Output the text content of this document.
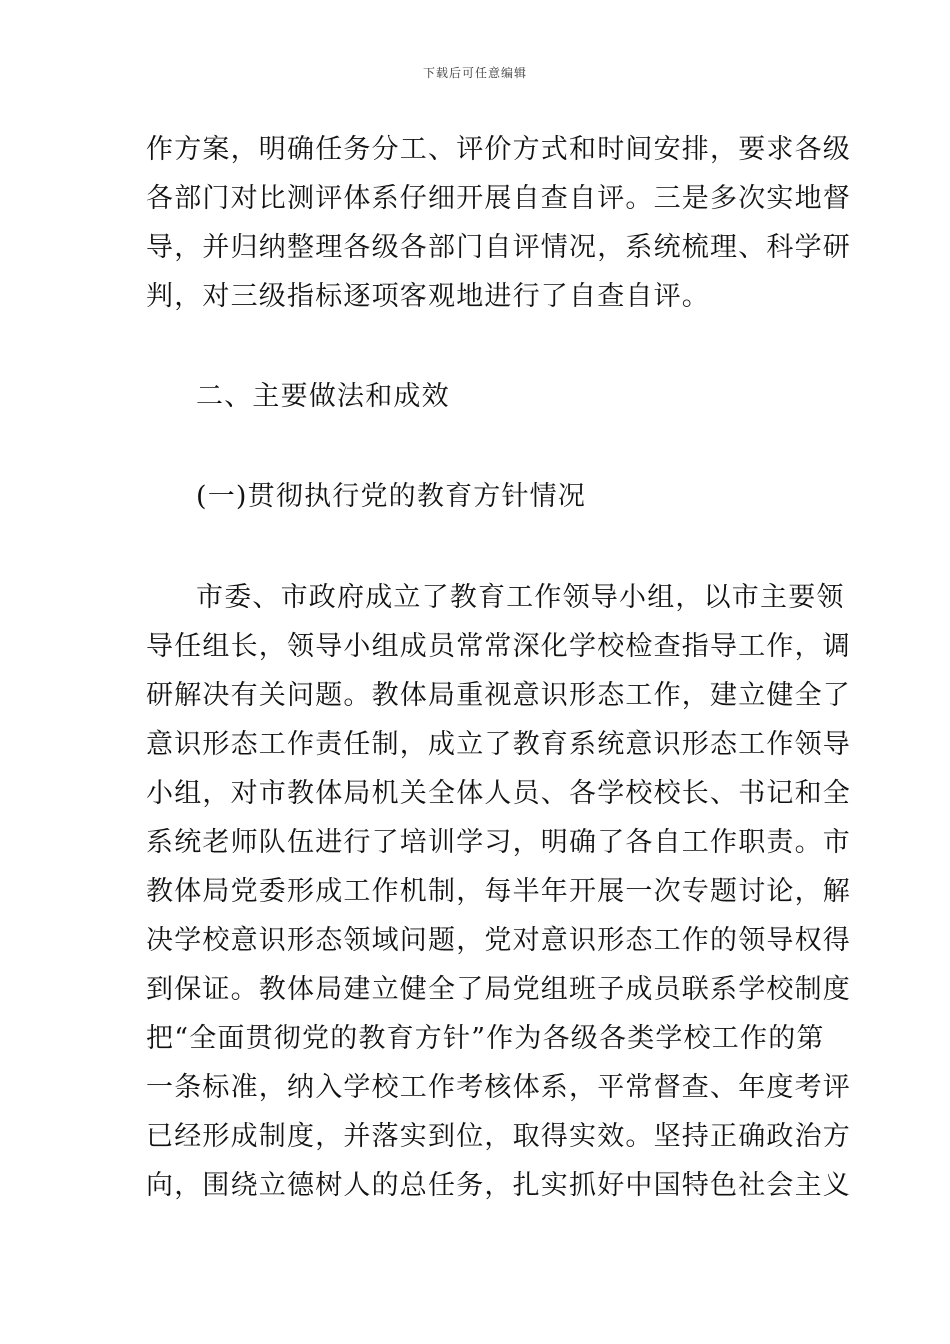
下载后可任意编辑
作方案，明确任务分工、评价方式和时间安排，要求各级
各部门对比测评体系仔细开展自查自评。三是多次实地督
导，并归纳整理各级各部门自评情况，系统梳理、科学研
判，对三级指标逐项客观地进行了自查自评。
二、主要做法和成效
(一)贯彻执行党的教育方针情况
市委、市政府成立了教育工作领导小组，以市主要领
导任组长，领导小组成员常常深化学校检查指导工作，调
研解决有关问题。教体局重视意识形态工作，建立健全了
意识形态工作责任制，成立了教育系统意识形态工作领导
小组，对市教体局机关全体人员、各学校校长、书记和全
系统老师队伍进行了培训学习，明确了各自工作职责。市
教体局党委形成工作机制，每半年开展一次专题讨论，解
决学校意识形态领域问题，党对意识形态工作的领导权得
到保证。教体局建立健全了局党组班子成员联系学校制度
把“全面贯彻党的教育方针”作为各级各类学校工作的第
一条标准，纳入学校工作考核体系，平常督查、年度考评
已经形成制度，并落实到位，取得实效。坚持正确政治方
向，围绕立德树人的总任务，扎实抓好中国特色社会主义
